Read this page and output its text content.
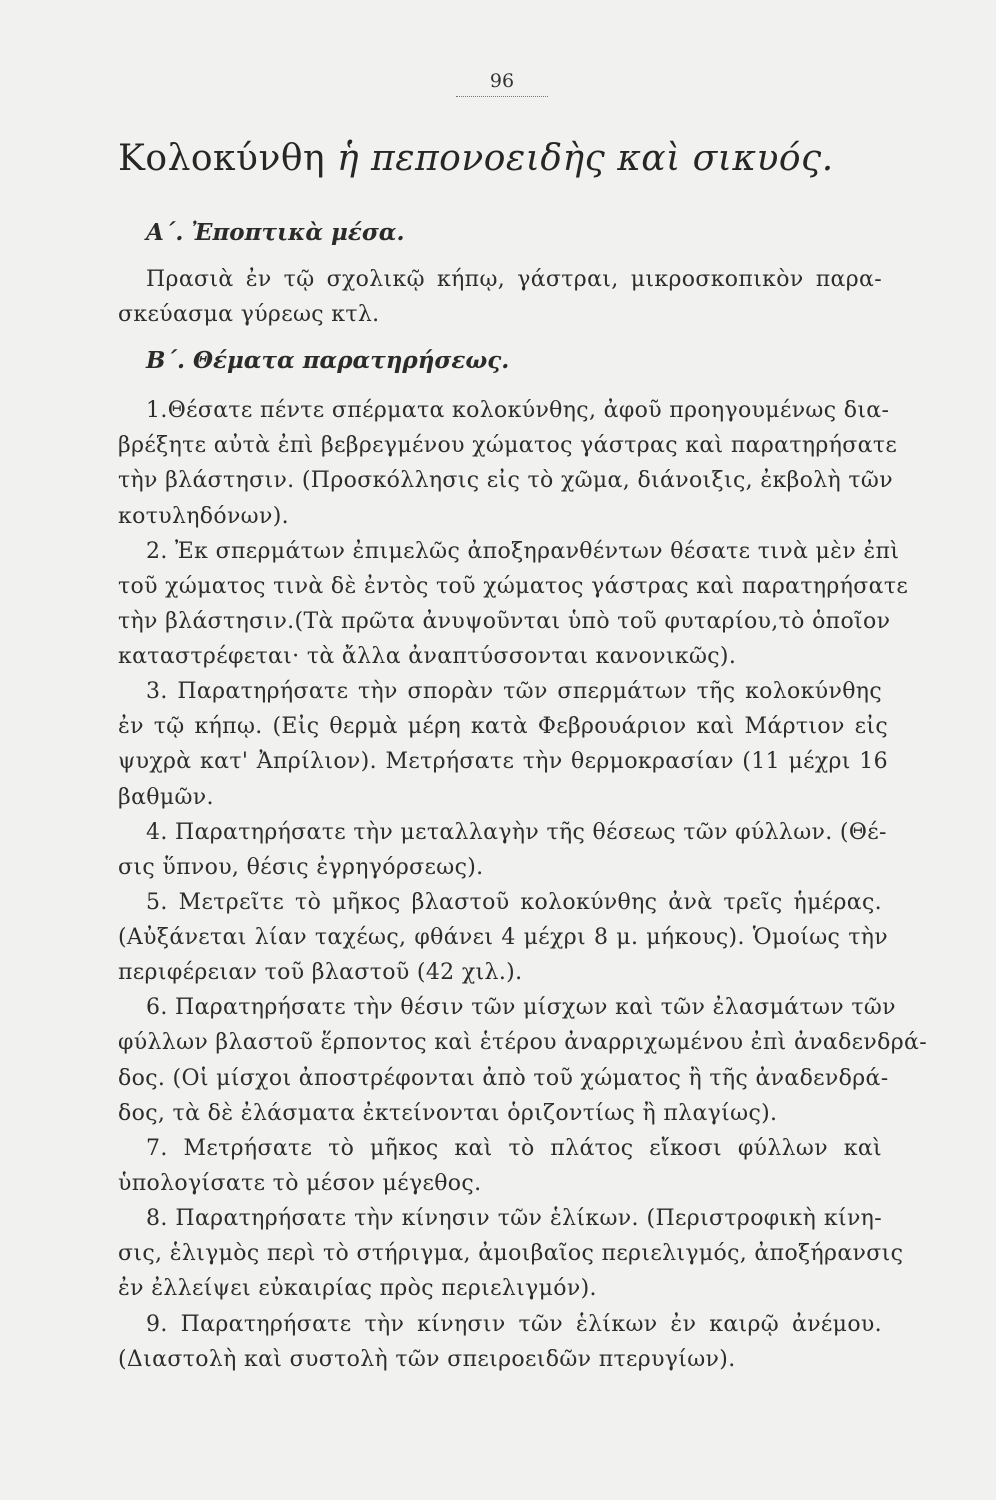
96
Κολοκύνθη ἡ πεπονοειδὴς καὶ σικυός.
Α΄. Ἐποπτικὰ μέσα.

Πρασιὰ ἐν τῷ σχολικῷ κήπῳ, γάστραι, μικροσκοπικὸν παρα-

σκεύασμα γύρεως κτλ.

Β΄. Θέματα παρατηρήσεως.

1.Θέσατε πέντε σπέρματα κολοκύνθης, ἀφοῦ προηγουμένως δια-

βρέξητε αὐτὰ ἐπὶ βεβρεγμένου χώματος γάστρας καὶ παρατηρήσατε

τὴν βλάστησιν. (Προσκόλλησις εἰς τὸ χῶμα, διάνοιξις, ἐκβολὴ τῶν

κοτυληδόνων).

2. Ἐκ σπερμάτων ἐπιμελῶς ἀποξηρανθέντων θέσατε τινὰ μὲν ἐπὶ

τοῦ χώματος τινὰ δὲ ἐντὸς τοῦ χώματος γάστρας καὶ παρατηρήσατε

τὴν βλάστησιν.(Τὰ πρῶτα ἀνυψοῦνται ὑπὸ τοῦ φυταρίου,τὸ ὁποῖον

καταστρέφεται· τὰ ἄλλα ἀναπτύσσονται κανονικῶς).

3. Παρατηρήσατε τὴν σπορὰν τῶν σπερμάτων τῆς κολοκύνθης

ἐν τῷ κήπῳ. (Εἰς θερμὰ μέρη κατὰ Φεβρουάριον καὶ Μάρτιον εἰς

ψυχρὰ κατ' Ἀπρίλιον). Μετρήσατε τὴν θερμοκρασίαν (11 μέχρι 16

βαθμῶν.

4. Παρατηρήσατε τὴν μεταλλαγὴν τῆς θέσεως τῶν φύλλων. (Θέ-

σις ὕπνου, θέσις ἐγρηγόρσεως).

5. Μετρεῖτε τὸ μῆκος βλαστοῦ κολοκύνθης ἀνὰ τρεῖς ἡμέρας.

(Αὐξάνεται λίαν ταχέως, φθάνει 4 μέχρι 8 μ. μήκους). Ὁμοίως τὴν

περιφέρειαν τοῦ βλαστοῦ (42 χιλ.).

6. Παρατηρήσατε τὴν θέσιν τῶν μίσχων καὶ τῶν ἐλασμάτων τῶν

φύλλων βλαστοῦ ἕρποντος καὶ ἑτέρου ἀναρριχωμένου ἐπὶ ἀναδενδρά-

δος. (Οἱ μίσχοι ἀποστρέφονται ἀπὸ τοῦ χώματος ἢ τῆς ἀναδενδρά-

δος, τὰ δὲ ἐλάσματα ἐκτείνονται ὁριζοντίως ἢ πλαγίως).

7. Μετρήσατε τὸ μῆκος καὶ τὸ πλάτος εἴκοσι φύλλων καὶ

ὑπολογίσατε τὸ μέσον μέγεθος.

8. Παρατηρήσατε τὴν κίνησιν τῶν ἑλίκων. (Περιστροφικὴ κίνη-

σις, ἑλιγμὸς περὶ τὸ στήριγμα, ἀμοιβαῖος περιελιγμός, ἀποξήρανσις

ἐν ἐλλείψει εὐκαιρίας πρὸς περιελιγμόν).

9. Παρατηρήσατε τὴν κίνησιν τῶν ἑλίκων ἐν καιρῷ ἀνέμου.

(Διαστολὴ καὶ συστολὴ τῶν σπειροειδῶν πτερυγίων).
